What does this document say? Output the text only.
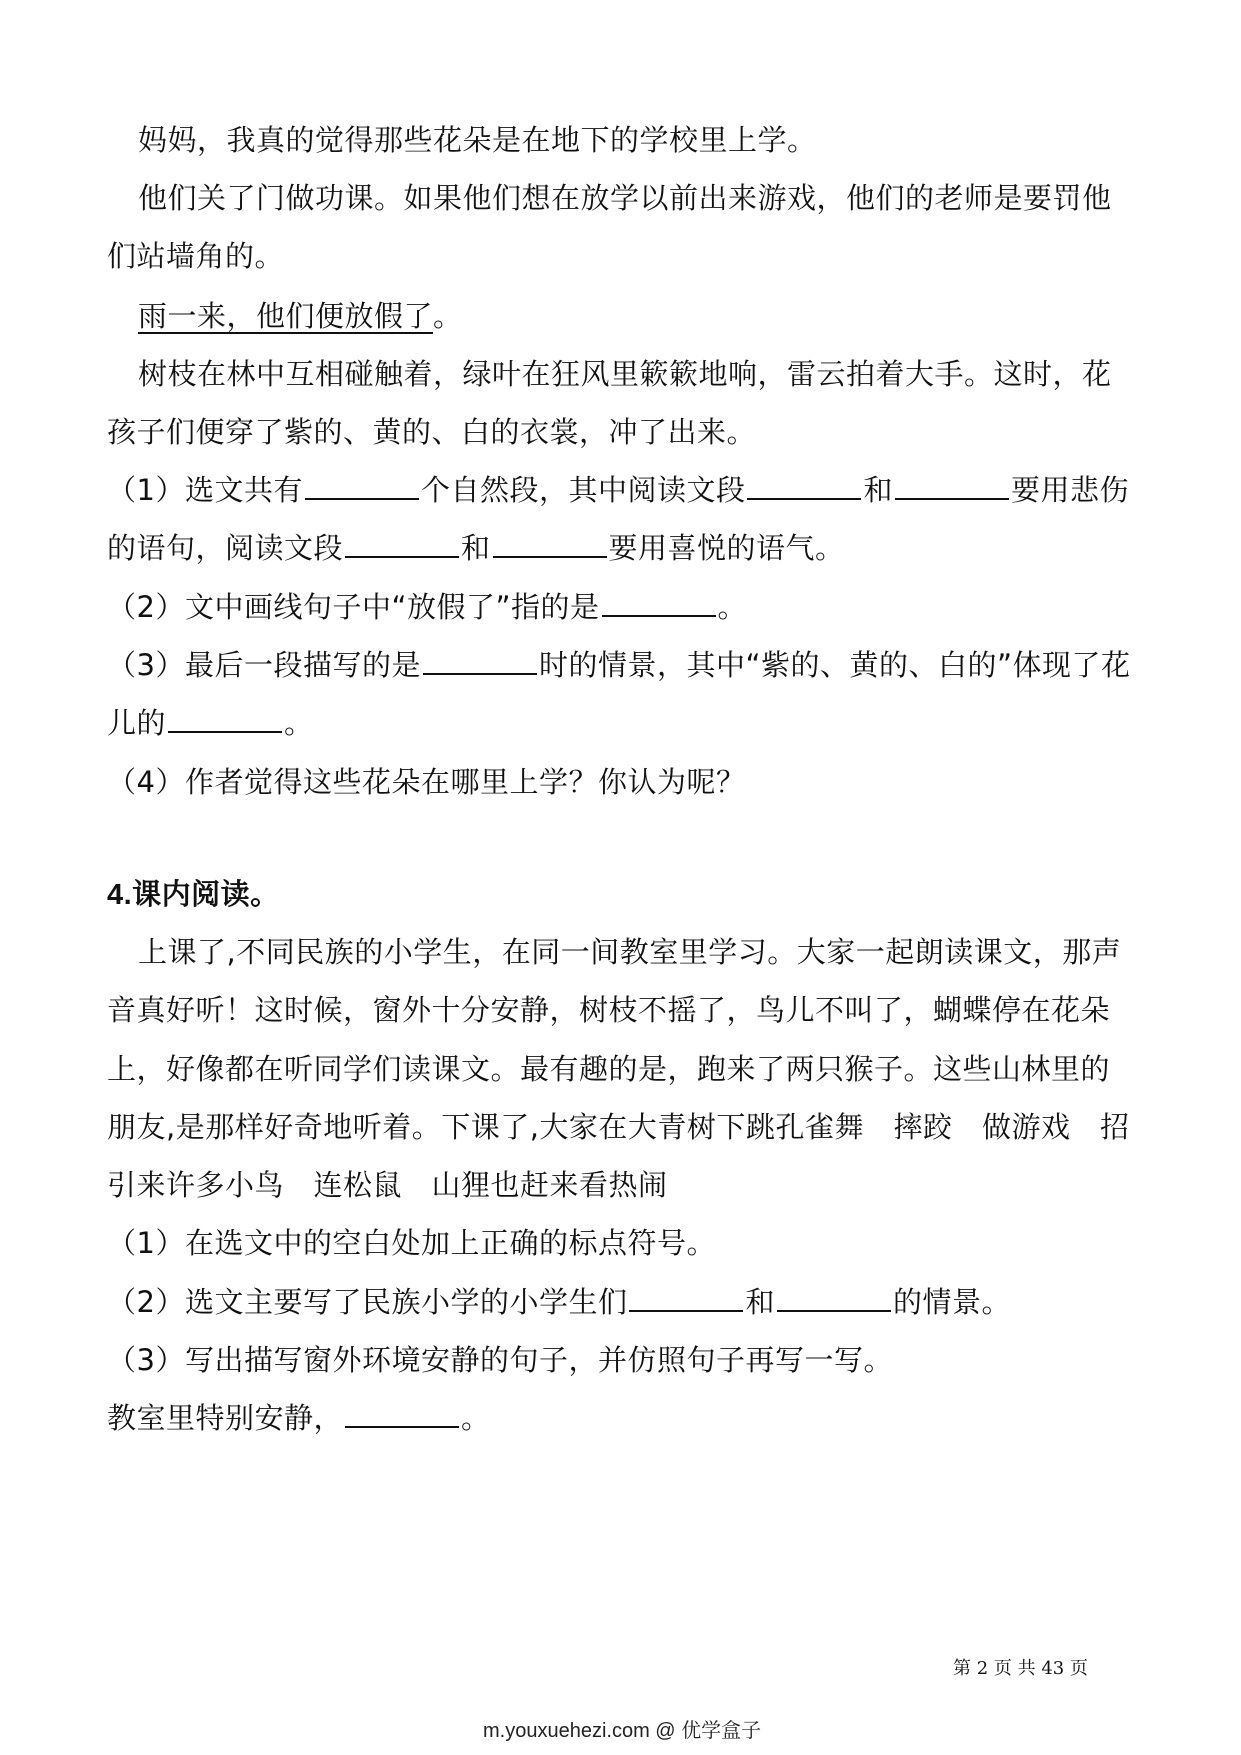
妈妈，我真的觉得那些花朵是在地下的学校里上学。
他们关了门做功课。如果他们想在放学以前出来游戏，他们的老师是要罚他
们站墙角的。
雨一来，他们便放假了。
树枝在林中互相碰触着，绿叶在狂风里簌簌地响，雷云拍着大手。这时，花
孩子们便穿了紫的、黄的、白的衣裳，冲了出来。
（1）选文共有	个自然段，其中阅读文段	和	要用悲伤
的语句，阅读文段	和	要用喜悦的语气。
（2）文中画线句子中“放假了”指的是	。
（3）最后一段描写的是	时的情景，其中“紫的、黄的、白的”体现了花
儿的	。
（4）作者觉得这些花朵在哪里上学？你认为呢？
4.课内阅读。
上课了,不同民族的小学生，在同一间教室里学习。大家一起朗读课文，那声
音真好听！这时候，窗外十分安静，树枝不摇了，鸟儿不叫了，蝴蝶停在花朵
上，好像都在听同学们读课文。最有趣的是，跑来了两只猴子。这些山林里的
朋友,是那样好奇地听着。下课了,大家在大青树下跳孔雀舞　摔跤　做游戏　招
引来许多小鸟　连松鼠　山狸也赶来看热闹
（1）在选文中的空白处加上正确的标点符号。
（2）选文主要写了民族小学的小学生们	和	的情景。
（3）写出描写窗外环境安静的句子，并仿照句子再写一写。
教室里特别安静，	。
第 2 页 共 43 页
m.youxuehezi.com @ 优学盒子
